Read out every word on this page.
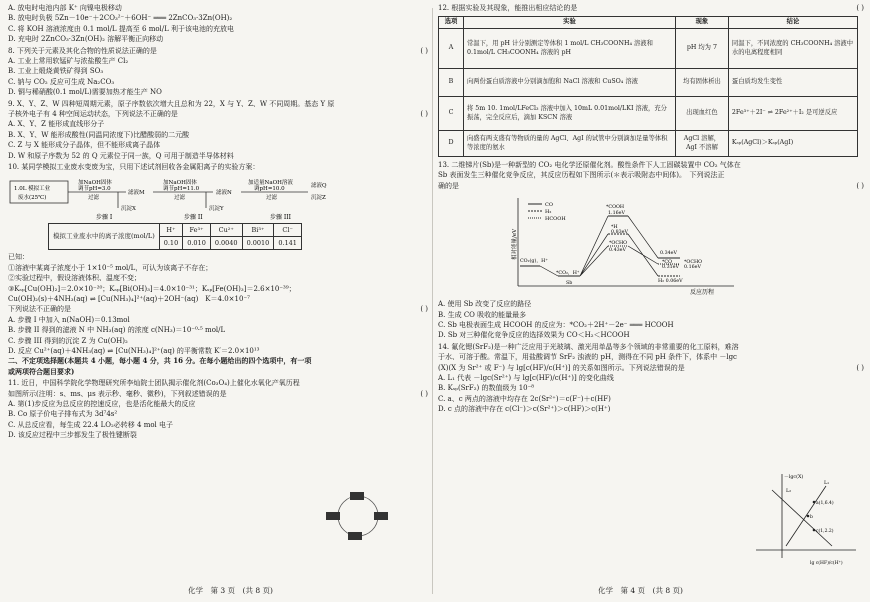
A. 放电时电池内部 K⁺ 向镍电极移动
B. 放电时负极 5Zn－10e⁻＋2CO₃²⁻＋6OH⁻ ═══ 2ZnCO₃·3Zn(OH)₂
C. 将 KOH 溶液浓度由 0.1 mol/L 提高至 6 mol/L 利于该电池的充放电
D. 充电时 2ZnCO₃·3Zn(OH)₂ 溶解平衡正向移动
8. 下列关于元素及其化合物的性质说法正确的是	( )
A. 工业上常用软锰矿与浓盐酸生产 Cl₂
B. 工业上煅烧黄铁矿得到 SO₃
C. 钠与 CO₂ 反应可生成 Na₂CO₃
D. 铜与稀硝酸(0.1 mol/L)需要加热才能生产 NO
9. X、Y、Z、W 四种短周期元素，原子序数依次增大且总和为 22，X 与 Y、Z、W 不同周期。基态 Y 原
子核外电子有 4 种空间运动状态，下列说法不正确的是	( )
A. X、Y、Z 能形成直线形分子
B. X、Y、W 能形成酸性(同温同浓度下)比醋酸弱的二元酸
C. Z 与 X 能形成分子晶体，但不能形成离子晶体
D. W 和原子序数为 52 的 Q 元素位于同一族，Q 可用于制造半导体材料
10. 某同学模拟工业废水变废为宝，只用下述试剂回收各金属阳离子的实验方案：
1.0L 模拟工业
废水(25℃)
加NaOH固体
调节pH=3.0
过滤
滤液M
沉淀X
加NaOH固体
调节pH=11.0
过滤
滤液N
沉淀Y
加适量NaOH溶液
调pH=10.0
过滤
滤液Q
沉淀Z
步骤 I	步骤 II	步骤 III
模拟工业废水中的离子浓度(mol/L)	H⁺	Fe³⁺	Cu²⁺	Bi³⁺	Cl⁻
	0.10	0.010	0.0040	0.0010	0.141
已知：
①溶液中某离子浓度小于 1×10⁻⁵ mol/L，可认为该离子不存在；
②实验过程中，假设溶液体积、温度不变；
③Kₛₚ[Cu(OH)₂]＝2.0×10⁻²⁰；Kₛₚ[Bi(OH)₃]＝4.0×10⁻³¹；Kₛₚ[Fe(OH)₃]＝2.6×10⁻³⁹；
Cu(OH)₂(s)＋4NH₃(aq) ⇌ [Cu(NH₃)₄]²⁺(aq)＋2OH⁻(aq)　K＝4.0×10⁻⁷
下列说法不正确的是	( )
A. 步骤 I 中加入 n(NaOH)＝0.13mol
B. 步骤 II 得到的滤液 N 中 NH₃(aq) 的浓度 c(NH₃)＝10⁻⁰·⁵ mol/L
C. 步骤 III 得到的沉淀 Z 为 Cu(OH)₂
D. 反应 Cu²⁺(aq)＋4NH₃(aq) ⇌ [Cu(NH₃)₄]²⁺(aq) 的平衡常数 K′＝2.0×10¹³
二、不定项选择题(本题共 4 小题，每小题 4 分，共 16 分。在每小题给出的四个选项中，有一项
或两项符合题目要求)
11. 近日，中国科学院化学物理研究所李灿院士团队揭示催化剂(Co₃O₄)上催化水氧化产氧历程
如图所示(注明：s、ms、μs 表示秒、毫秒、微秒)，下列叙述错误的是	( )
A. 第(1)步反应为总反应的控速反应，也是活化能最大的反应
B. Co 原子价电子排布式为 3d⁷4s²
C. 从总反应看，每生成 22.4 LO₂必转移 4 mol 电子
D. 该反应过程中三步都发生了极性键断裂
化学　第 3 页　(共 8 页)
12. 根据实验及其现象，能推出相应结论的是	( )
选项	实验	现象	结论
A	常温下，用 pH 计分别测定等体积 1 mol/L CH₃COONH₄ 溶液和 0.1mol/L CH₃COONH₄ 溶液的 pH	pH 均为 7	同温下，不同浓度的 CH₃COONH₄ 溶液中水的电离程度相同
B	向两份蛋白质溶液中分别滴加饱和 NaCl 溶液和 CuSO₄ 溶液	均有固体析出	蛋白质均发生变性
C	将 5m 10. 1mol/LFeCl₃ 溶液中加入 10mL 0.01mol/LKI 溶液，充分振荡，完全反应后，滴加 KSCN 溶液	出现血红色	2Fe³⁺＋2I⁻ ⇌ 2Fe²⁺＋I₂ 是可逆反应
D	向盛有两支盛有等物质的量的 AgCl、AgI 的试管中分别滴加足量等体积等浓度的氨水	AgCl 溶解，AgI 不溶解	Kₛₚ(AgCl)＞Kₛₚ(AgI)
13. 二维锑片(Sb)是一种新型的 CO₂ 电化学还原催化剂。酸性条件下人工固碳装置中 CO₂ 气体在
Sb 表面发生三种催化竞争反应，其反应历程如下图所示(＊表示吸附态中间体)。　下列说法正
确的是	( )
相对能量/eV
反应历程
CO
H₂
HCOOH
CO₂(g)，H⁺
*CO₂，H⁺
Sb
*COOH
1.16eV
*H
0.83eV
*OCHO
0.43eV
0.34eV
*CO
0.31eV
*OCHO
0.16eV
H₂ 0.06eV
A. 使用 Sb 改变了反应的路径
B. 生成 CO 吸收的能量最多
C. Sb 电极表面生成 HCOOH 的反应为：*CO₂＋2H⁺－2e⁻ ═══ HCOOH
D. Sb 对三种催化竞争反应的选择效果为 CO＜H₂＜HCOOH
14. 氟化锶(SrF₂)是一种广泛应用于光玻璃、激光用单晶等多个领域的非常重要的化工原料，难溶
于水、可溶于酸。常温下，用盐酸调节 SrF₂ 浊液的 pH，测得在不同 pH 条件下，体系中 －lgc
(X)(X 为 Sr²⁺ 或 F⁻) 与 lg[c(HF)/c(H⁺)] 的关系如图所示。下列说法错误的是	( )
A. L₁ 代表 －lgc(Sr²⁺) 与 lg[c(HF)/c(H⁺)] 的变化曲线
B. Kₛₚ(SrF₂) 的数值级为 10⁻⁸
C. a、c 两点的溶液中均存在 2c(Sr²⁺)＝c(F⁻)＋c(HF)
D. c 点的溶液中存在 c(Cl⁻)＞c(Sr²⁺)＞c(HF)＞c(H⁺)
－lgc(X)
L₂
L₁
a(1,6.4)
b
c(1,2.2)
lg c(HF)/c(H⁺)
化学　第 4 页　(共 8 页)
